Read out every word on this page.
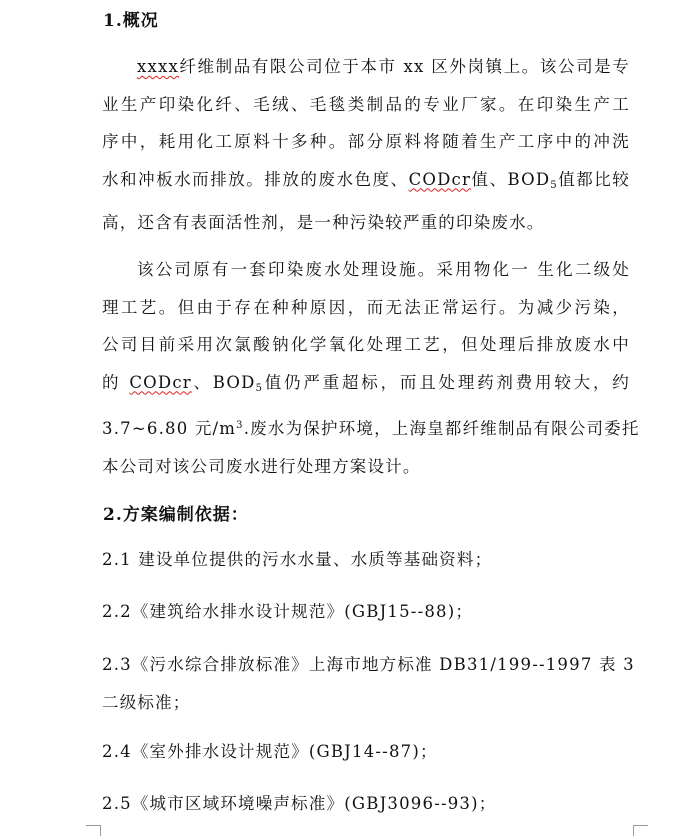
1.概况
xxxx纤维制品有限公司位于本市 xx 区外岗镇上。该公司是专
业生产印染化纤、毛绒、毛毯类制品的专业厂家。在印染生产工
序中，耗用化工原料十多种。部分原料将随着生产工序中的冲洗
水和冲板水而排放。排放的废水色度、CODcr值、$BOD_5$值都比较
高，还含有表面活性剂，是一种污染较严重的印染废水。
该公司原有一套印染废水处理设施。采用物化一 生化二级处
理工艺。但由于存在种种原因，而无法正常运行。为减少污染，
公司目前采用次氯酸钠化学氧化处理工艺，但处理后排放废水中
的 CODcr、$BOD_5$值仍严重超标，而且处理药剂费用较大，约
3.7~6.80 元$/m^3$.废水为保护环境，上海皇都纤维制品有限公司委托
本公司对该公司废水进行处理方案设计。
2.方案编制依据：
2.1 建设单位提供的污水水量、水质等基础资料；
2.2《建筑给水排水设计规范》(GBJ15--88)；
2.3《污水综合排放标准》上海市地方标准 DB31/199--1997 表 3
二级标准；
2.4《室外排水设计规范》(GBJ14--87)；
2.5《城市区域环境噪声标准》(GBJ3096--93)；
